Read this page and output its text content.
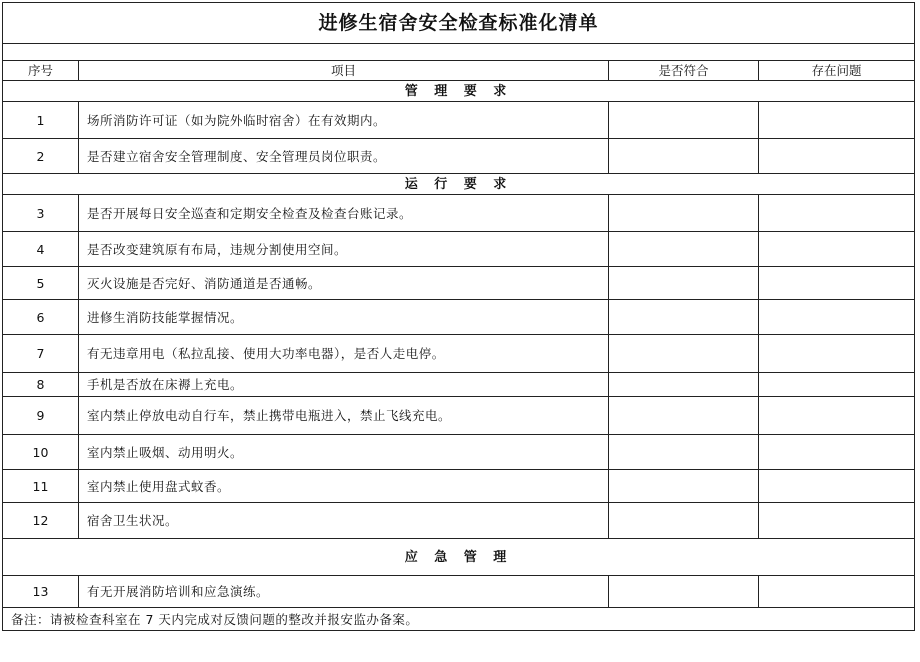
进修生宿舍安全检查标准化清单			

序号	项目	是否符合	存在问题
管 理 要 求			
1	场所消防许可证（如为院外临时宿舍）在有效期内。		
2	是否建立宿舍安全管理制度、安全管理员岗位职责。		
运 行 要 求			
3	是否开展每日安全巡查和定期安全检查及检查台账记录。		
4	是否改变建筑原有布局，违规分割使用空间。		
5	灭火设施是否完好、消防通道是否通畅。		
6	进修生消防技能掌握情况。		
7	有无违章用电（私拉乱接、使用大功率电器），是否人走电停。		
8	手机是否放在床褥上充电。		
9	室内禁止停放电动自行车，禁止携带电瓶进入，禁止飞线充电。		
10	室内禁止吸烟、动用明火。		
11	室内禁止使用盘式蚊香。		
12	宿舍卫生状况。		
应 急 管 理			
13	有无开展消防培训和应急演练。		
备注：请被检查科室在 7 天内完成对反馈问题的整改并报安监办备案。			
